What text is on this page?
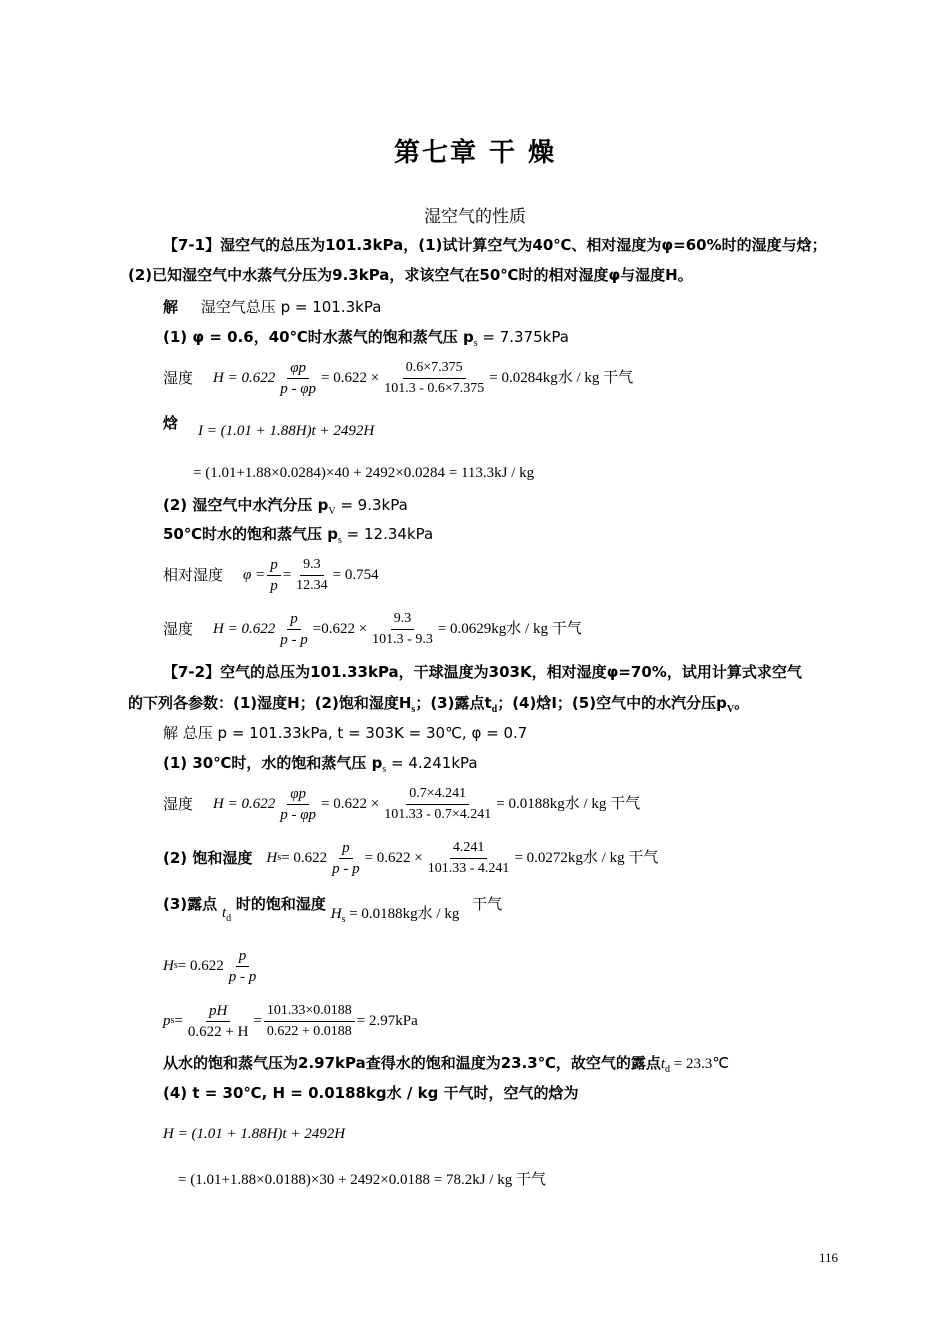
第七章 干 燥
湿空气的性质
【7-1】湿空气的总压为101.3kPa，(1)试计算空气为40℃、相对湿度为φ=60%时的湿度与焓；
(2)已知湿空气中水蒸气分压为9.3kPa，求该空气在50℃时的相对湿度φ与湿度H。
解 湿空气总压 p = 101.3kPa
(1) φ = 0.6，40℃时水蒸气的饱和蒸气压 $p_s = 7.375kPa$
湿度 $H = 0.622 \frac{\varphi p}{p - \varphi p} = 0.622 \times \frac{0.6\times 7.375}{101.3 - 0.6\times 7.375} = 0.0284kg$水 / kg 干气
焓 I = (1.01 + 1.88H)t + 2492H
= (1.01+1.88×0.0284)×40 + 2492×0.0284 = 113.3kJ / kg
(2) 湿空气中水汽分压 $p_V = 9.3kPa$
50℃时水的饱和蒸气压 $p_s = 12.34kPa$
相对湿度 $\varphi = \frac{p}{p} = \frac{9.3}{12.34} = 0.754$
湿度 $H = 0.622 \frac{p}{p - p} =0.622 \times \frac{9.3}{101.3 - 9.3} = 0.0629kg$水 / kg 干气
【7-2】空气的总压为101.33kPa，干球温度为303K，相对湿度φ=70%，试用计算式求空气
的下列各参数：(1)湿度H；(2)饱和湿度$H_s$；(3)露点$t_d$；(4)焓I；(5)空气中的水汽分压$p_V$。
解 总压 p = 101.33kPa, t = 303K = 30℃, φ = 0.7
(1) 30℃时，水的饱和蒸气压 $p_s = 4.241kPa$
湿度 $H = 0.622 \frac{\varphi p}{p - \varphi p} = 0.622 \times \frac{0.7\times 4.241}{101.33 - 0.7\times 4.241} = 0.0188kg$水 / kg 干气
(2) 饱和湿度 H $s = 0.622 \frac{p}{p - p} = 0.622 \times \frac{4.241}{101.33 - 4.241} = 0.0272kg$水 / kg 干气
(3)露点 $t_d$ 时的饱和湿度 $H_s = 0.0188kg$水 / kg 干气
H $s = 0.622 \frac{p}{p - p}$
p $s = \frac{pH}{0.622 + H} = \frac{101.33\times 0.0188}{0.622 + 0.0188} = 2.97kPa$
从水的饱和蒸气压为2.97kPa查得水的饱和温度为23.3℃，故空气的露点$t_d$ = 23.3℃
(4) t = 30℃, H = 0.0188kg水 / kg 干气时，空气的焓为
H = (1.01 + 1.88H)t + 2492H
= (1.01+1.88×0.0188)×30 + 2492×0.0188 = 78.2kJ / kg 干气
116
